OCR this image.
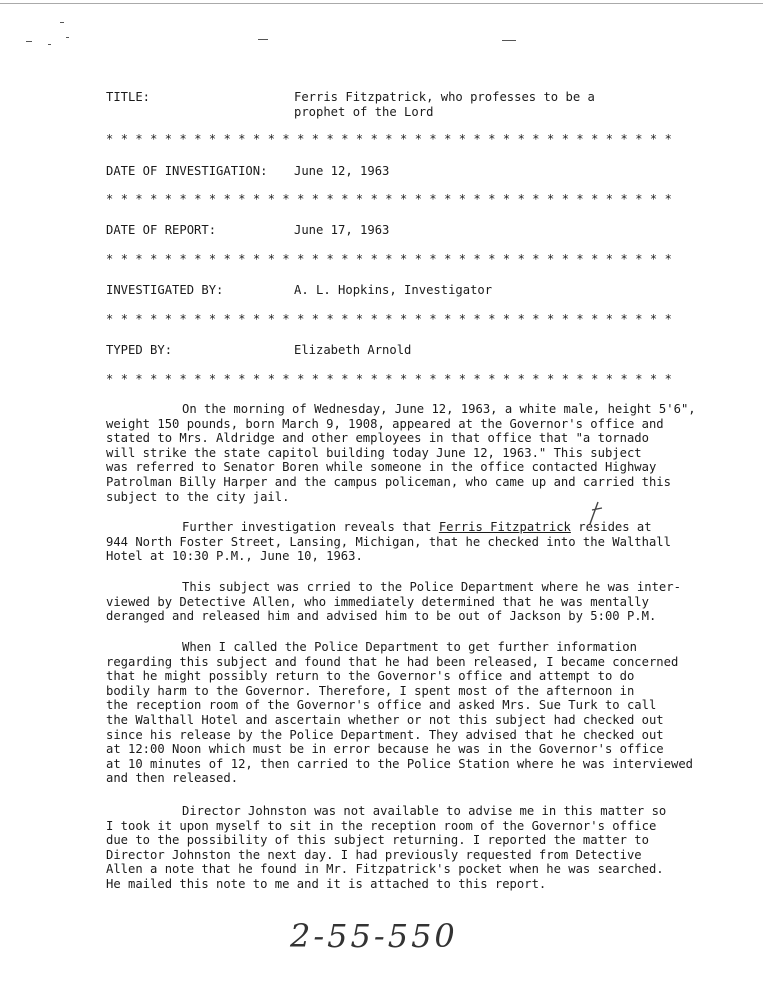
TITLE:	Ferris Fitzpatrick, who professes to be a
prophet of the Lord
* * * * * * * * * * * * * * * * * * * * * * * * * * * * * * * * * * * * * * *
DATE OF INVESTIGATION: June 12, 1963
* * * * * * * * * * * * * * * * * * * * * * * * * * * * * * * * * * * * * * *
DATE OF REPORT:	June 17, 1963
* * * * * * * * * * * * * * * * * * * * * * * * * * * * * * * * * * * * * * *
INVESTIGATED BY:	A. L. Hopkins, Investigator
* * * * * * * * * * * * * * * * * * * * * * * * * * * * * * * * * * * * * * *
TYPED BY:	Elizabeth Arnold
* * * * * * * * * * * * * * * * * * * * * * * * * * * * * * * * * * * * * * *
On the morning of Wednesday, June 12, 1963, a white male, height 5'6",
weight 150 pounds, born March 9, 1908, appeared at the Governor's office and
stated to Mrs. Aldridge and other employees in that office that "a tornado
will strike the state capitol building today June 12, 1963." This subject
was referred to Senator Boren while someone in the office contacted Highway
Patrolman Billy Harper and the campus policeman, who came up and carried this
subject to the city jail.
Further investigation reveals that Ferris Fitzpatrick resides at
944 North Foster Street, Lansing, Michigan, that he checked into the Walthall
Hotel at 10:30 P.M., June 10, 1963.
This subject was crried to the Police Department where he was inter-
viewed by Detective Allen, who immediately determined that he was mentally
deranged and released him and advised him to be out of Jackson by 5:00 P.M.
When I called the Police Department to get further information
regarding this subject and found that he had been released, I became concerned
that he might possibly return to the Governor's office and attempt to do
bodily harm to the Governor. Therefore, I spent most of the afternoon in
the reception room of the Governor's office and asked Mrs. Sue Turk to call
the Walthall Hotel and ascertain whether or not this subject had checked out
since his release by the Police Department. They advised that he checked out
at 12:00 Noon which must be in error because he was in the Governor's office
at 10 minutes of 12, then carried to the Police Station where he was interviewed
and then released.
Director Johnston was not available to advise me in this matter so
I took it upon myself to sit in the reception room of the Governor's office
due to the possibility of this subject returning. I reported the matter to
Director Johnston the next day. I had previously requested from Detective
Allen a note that he found in Mr. Fitzpatrick's pocket when he was searched.
He mailed this note to me and it is attached to this report.
2-55-550
